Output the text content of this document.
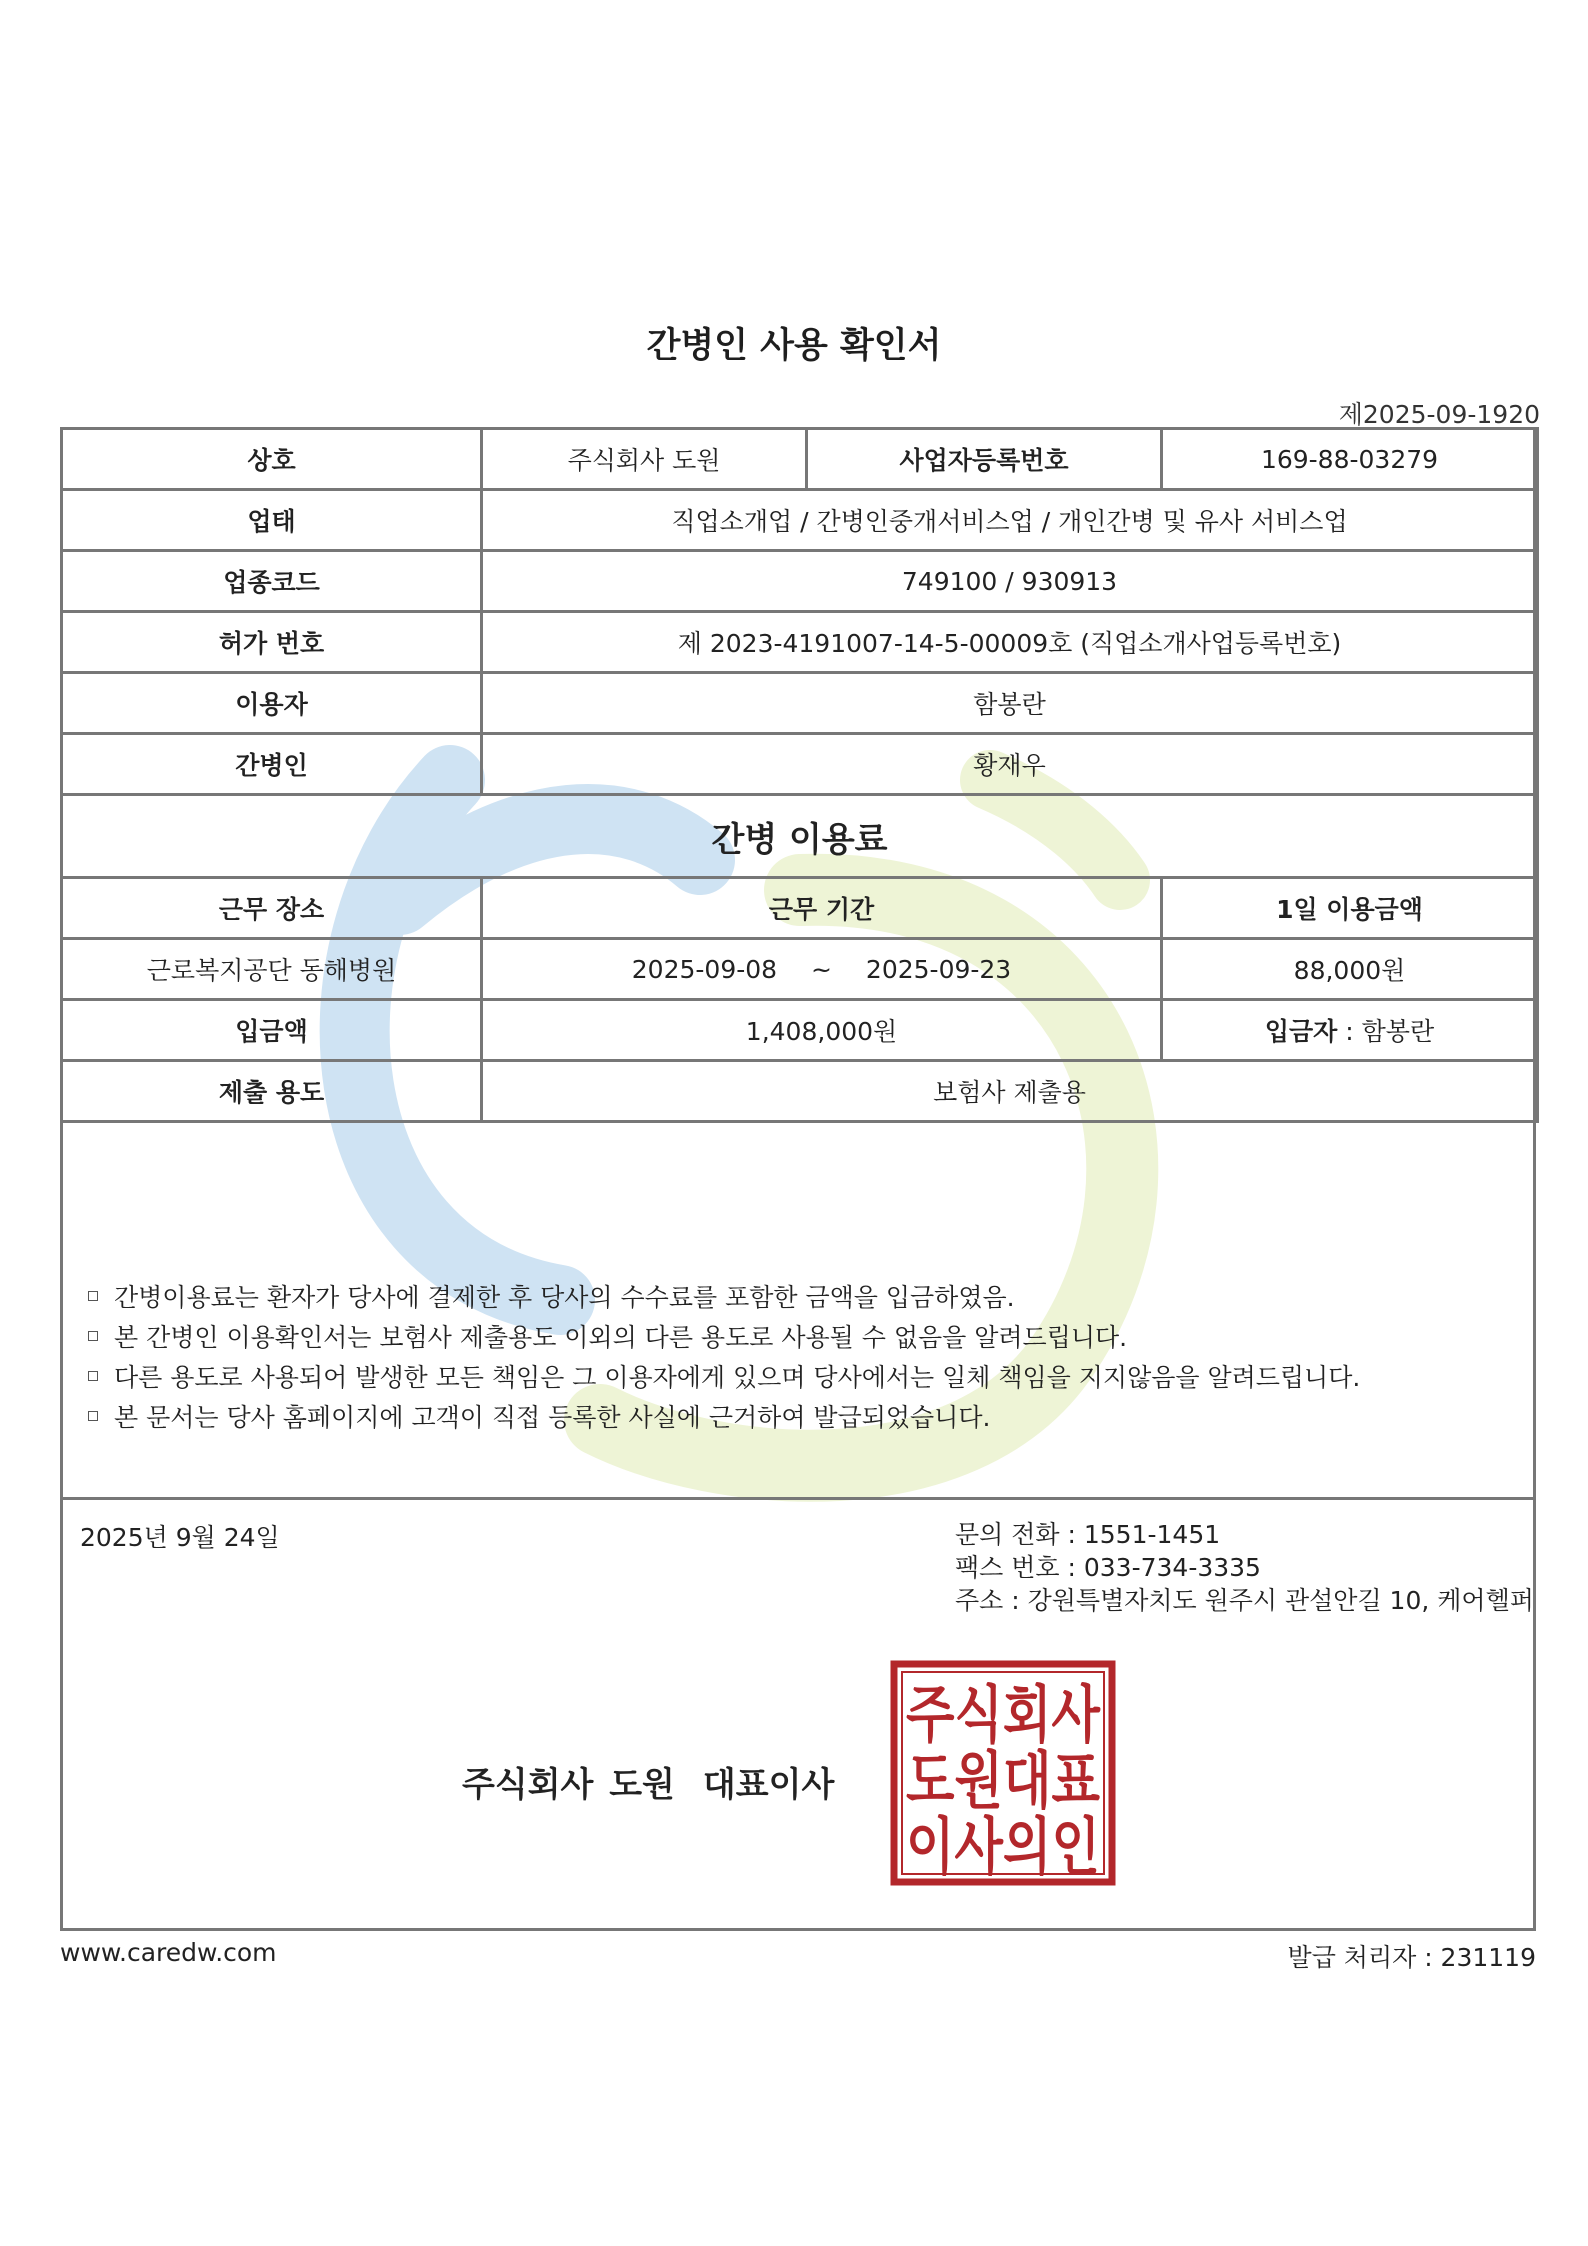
간병인 사용 확인서
제2025-09-1920
상호	주식회사 도원	사업자등록번호	169-88-03279
업태	직업소개업 / 간병인중개서비스업 / 개인간병 및 유사 서비스업		
업종코드	749100 / 930913		
허가 번호	제 2023-4191007-14-5-00009호 (직업소개사업등록번호)		
이용자	함봉란		
간병인	황재우		
간병 이용료			
근무 장소	근무 기간		1일 이용금액
근로복지공단 동해병원	2025-09-08 ~ 2025-09-23		88,000원
입금액	1,408,000원		입금자 : 함봉란
제출 용도	보험사 제출용		
간병이용료는 환자가 당사에 결제한 후 당사의 수수료를 포함한 금액을 입금하였음.
본 간병인 이용확인서는 보험사 제출용도 이외의 다른 용도로 사용될 수 없음을 알려드립니다.
다른 용도로 사용되어 발생한 모든 책임은 그 이용자에게 있으며 당사에서는 일체 책임을 지지않음을 알려드립니다.
본 문서는 당사 홈페이지에 고객이 직접 등록한 사실에 근거하여 발급되었습니다.
2025년 9월 24일	문의 전화 : 1551-1451
팩스 번호 : 033-734-3335
주소 : 강원특별자치도 원주시 관설안길 10, 케어헬퍼
주식회사 도원 대표이사
주식회사
도원대표
이사의인
www.caredw.com	발급 처리자 : 231119
